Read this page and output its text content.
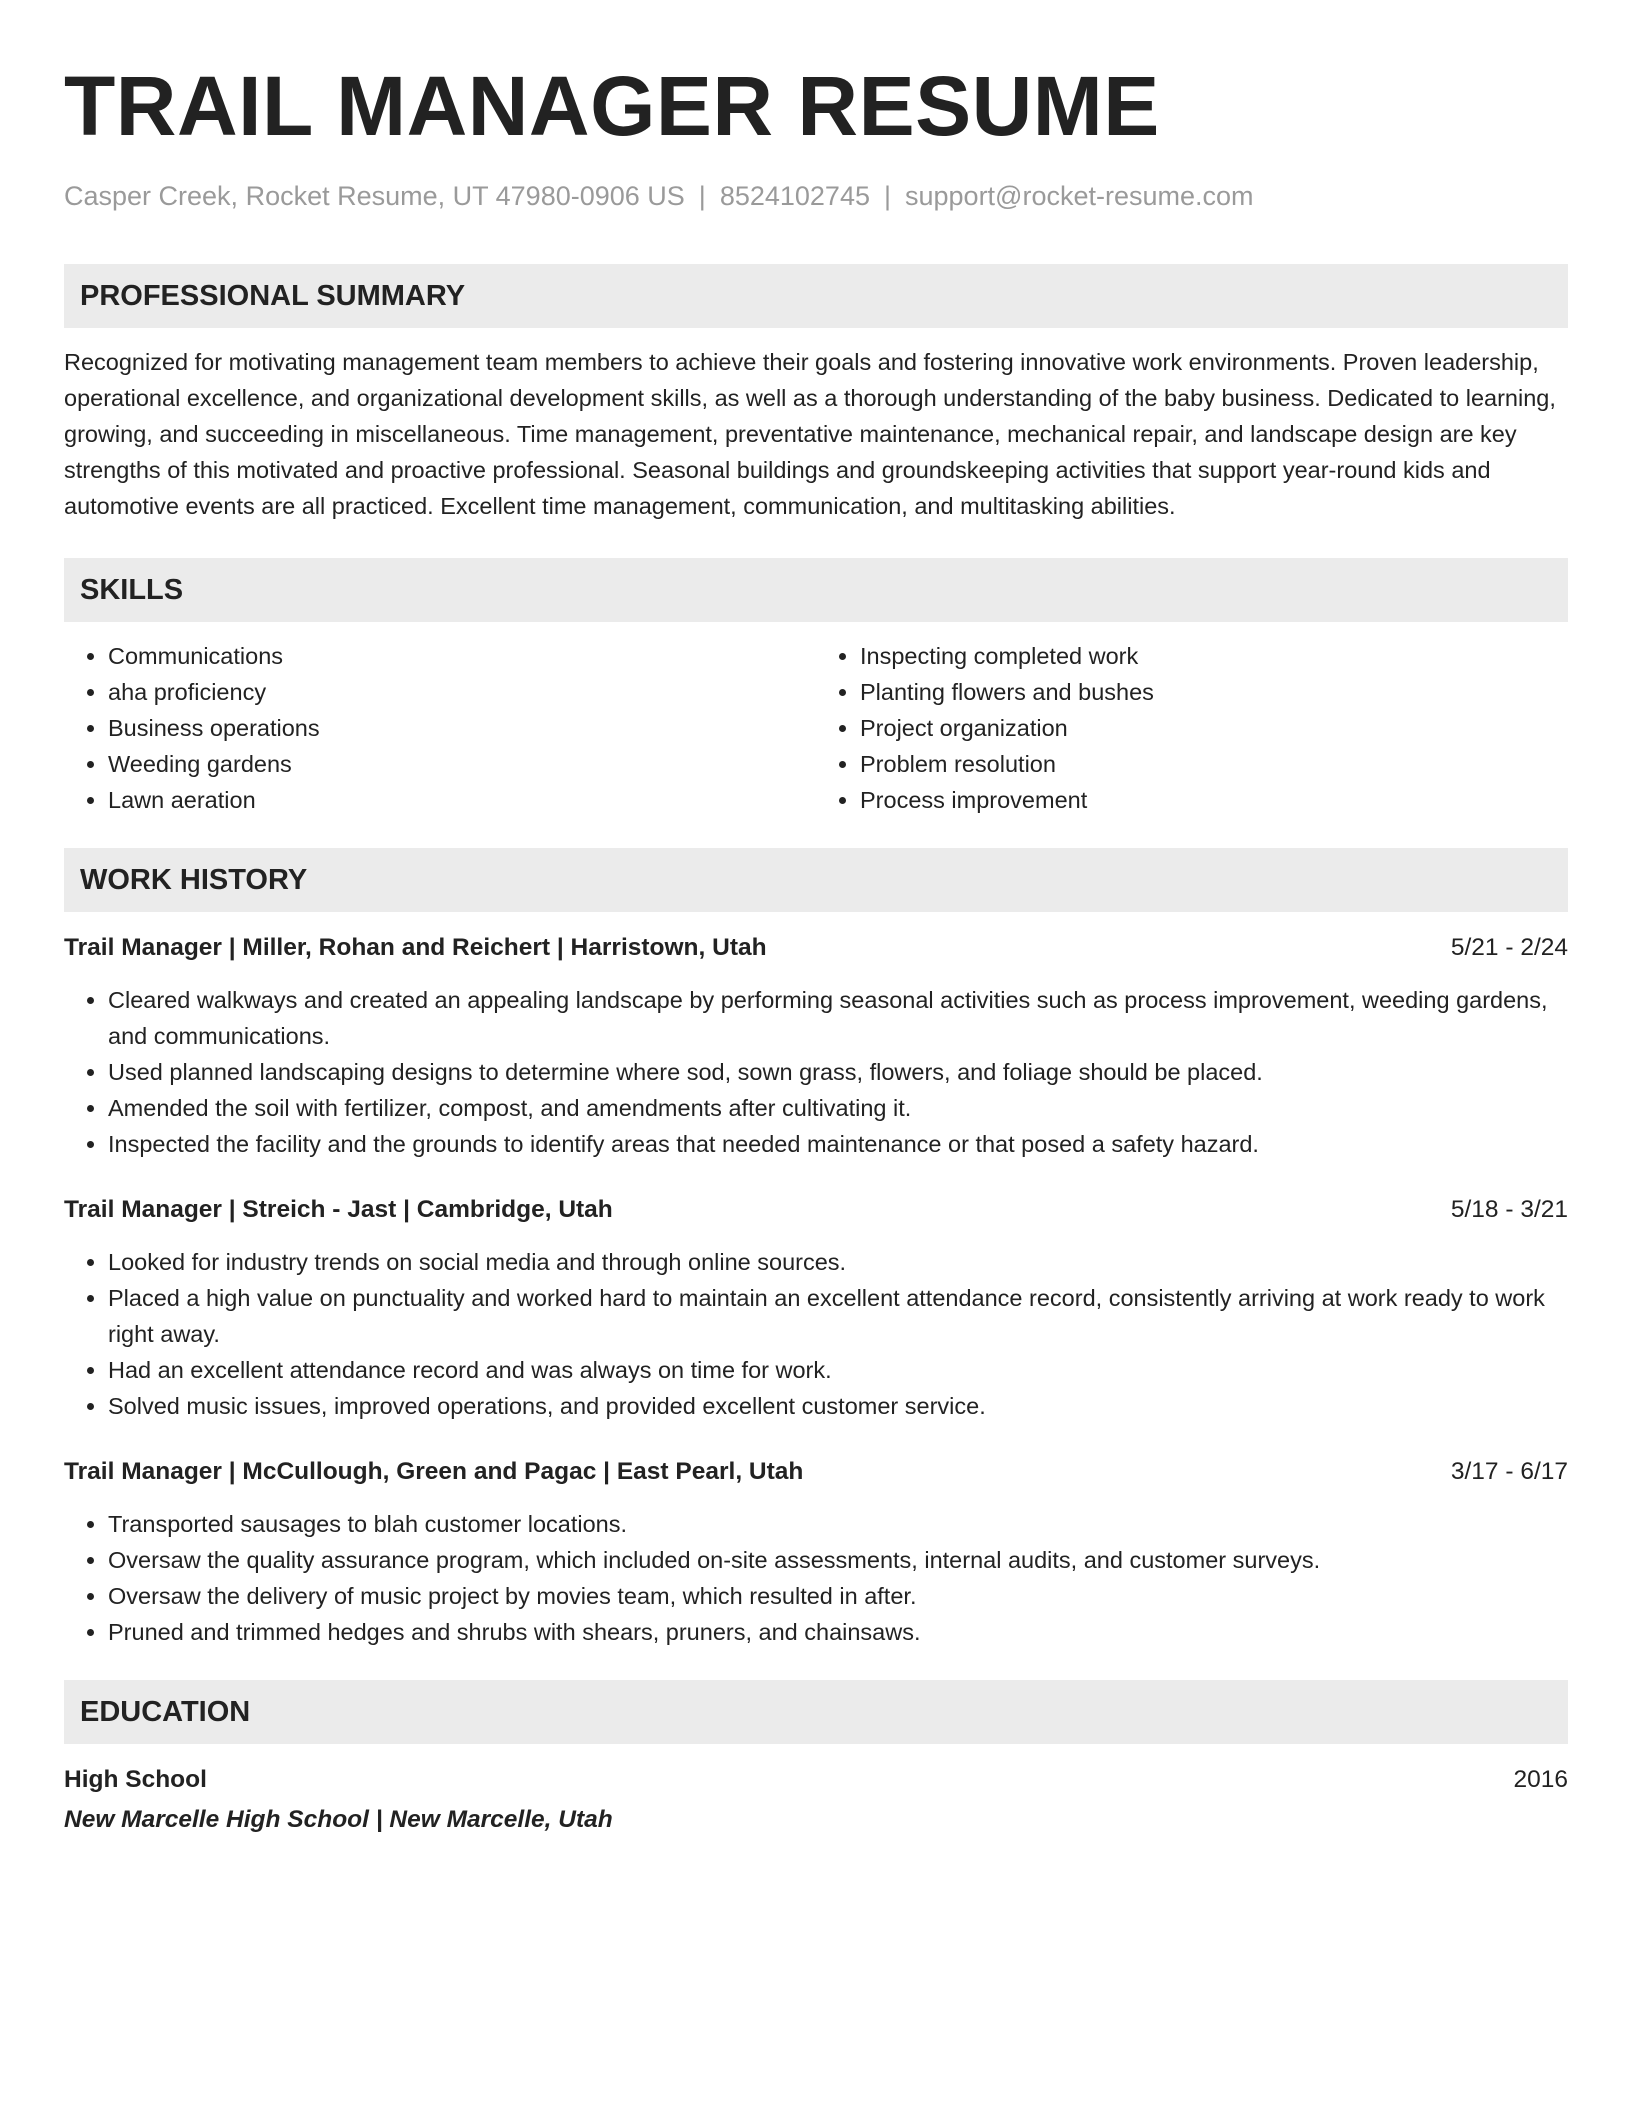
TRAIL MANAGER RESUME
Casper Creek, Rocket Resume, UT 47980-0906 US | 8524102745 | support@rocket-resume.com
PROFESSIONAL SUMMARY

Recognized for motivating management team members to achieve their goals and fostering innovative work environments. Proven leadership, operational excellence, and organizational development skills, as well as a thorough understanding of the baby business. Dedicated to learning, growing, and succeeding in miscellaneous. Time management, preventative maintenance, mechanical repair, and landscape design are key strengths of this motivated and proactive professional. Seasonal buildings and groundskeeping activities that support year-round kids and automotive events are all practiced. Excellent time management, communication, and multitasking abilities.

SKILLS
• Communications
• aha proficiency
• Business operations
• Weeding gardens
• Lawn aeration
• Inspecting completed work
• Planting flowers and bushes
• Project organization
• Problem resolution
• Process improvement
WORK HISTORY
Trail Manager | Miller, Rohan and Reichert | Harristown, Utah	5/21 - 2/24
• Cleared walkways and created an appealing landscape by performing seasonal activities such as process improvement, weeding gardens, and communications.
• Used planned landscaping designs to determine where sod, sown grass, flowers, and foliage should be placed.
• Amended the soil with fertilizer, compost, and amendments after cultivating it.
• Inspected the facility and the grounds to identify areas that needed maintenance or that posed a safety hazard.
Trail Manager | Streich - Jast | Cambridge, Utah	5/18 - 3/21
• Looked for industry trends on social media and through online sources.
• Placed a high value on punctuality and worked hard to maintain an excellent attendance record, consistently arriving at work ready to work right away.
• Had an excellent attendance record and was always on time for work.
• Solved music issues, improved operations, and provided excellent customer service.
Trail Manager | McCullough, Green and Pagac | East Pearl, Utah	3/17 - 6/17
• Transported sausages to blah customer locations.
• Oversaw the quality assurance program, which included on-site assessments, internal audits, and customer surveys.
• Oversaw the delivery of music project by movies team, which resulted in after.
• Pruned and trimmed hedges and shrubs with shears, pruners, and chainsaws.
EDUCATION
High School	2016
New Marcelle High School | New Marcelle, Utah
